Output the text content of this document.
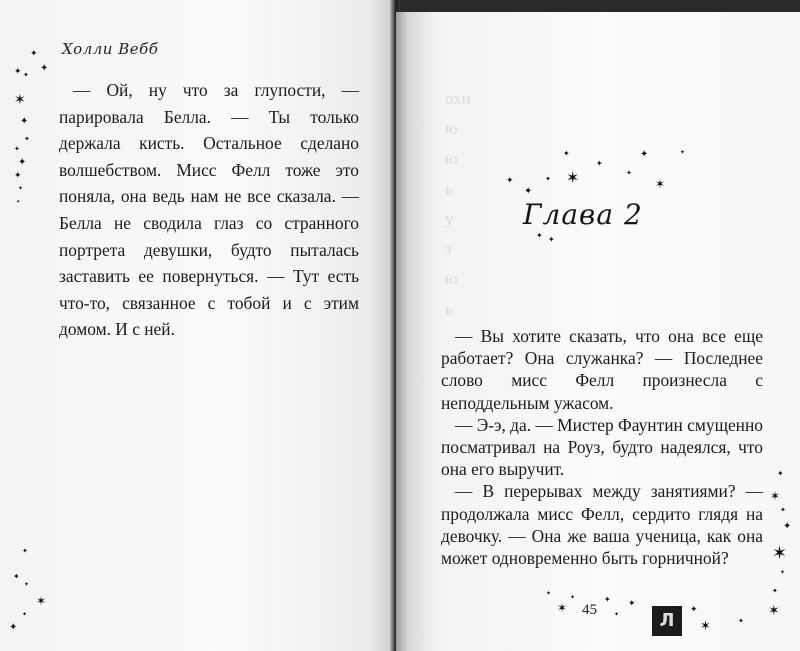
Холли Вебб

— Ой, ну что за глупости, — парировала Белла. — Ты только держала кисть. Остальное сделано волшебством. Мисс Фелл тоже это поняла, она ведь нам не все сказала. — Белла не сводила глаз со странного портрета девушки, будто пыталась заставить ее повернуться. — Тут есть что-то, связанное с тобой и с этим домом. И с ней.

✦
✦
✦ ✦
✶
✦
✦
✦
✦
✦
✦
✦
✦
✦
✦
✶
✦
✦
охи
ю
ю
ь
у
з
ю
ь
✦
✦
✦ ✶
✦
✦
✦
✦
✶
✦ ✦
✦
Глава 2

— Вы хотите сказать, что она все еще работает? Она служанка? — Последнее слово мисс Фелл произнесла с неподдельным ужасом.

— Э-э, да. — Мистер Фаунтин смущенно посматривал на Роуз, будто надеялся, что она его выручит.

— В перерывах между занятиями? — продолжала мисс Фелл, сердито глядя на девочку. — Она же ваша ученица, как она может одновременно быть горничной?

✦
✶
✦
✦
✶
✦
✦
✶
✦
✶
✦	✦
✦
✦
✦
✶	✦
45	Л
